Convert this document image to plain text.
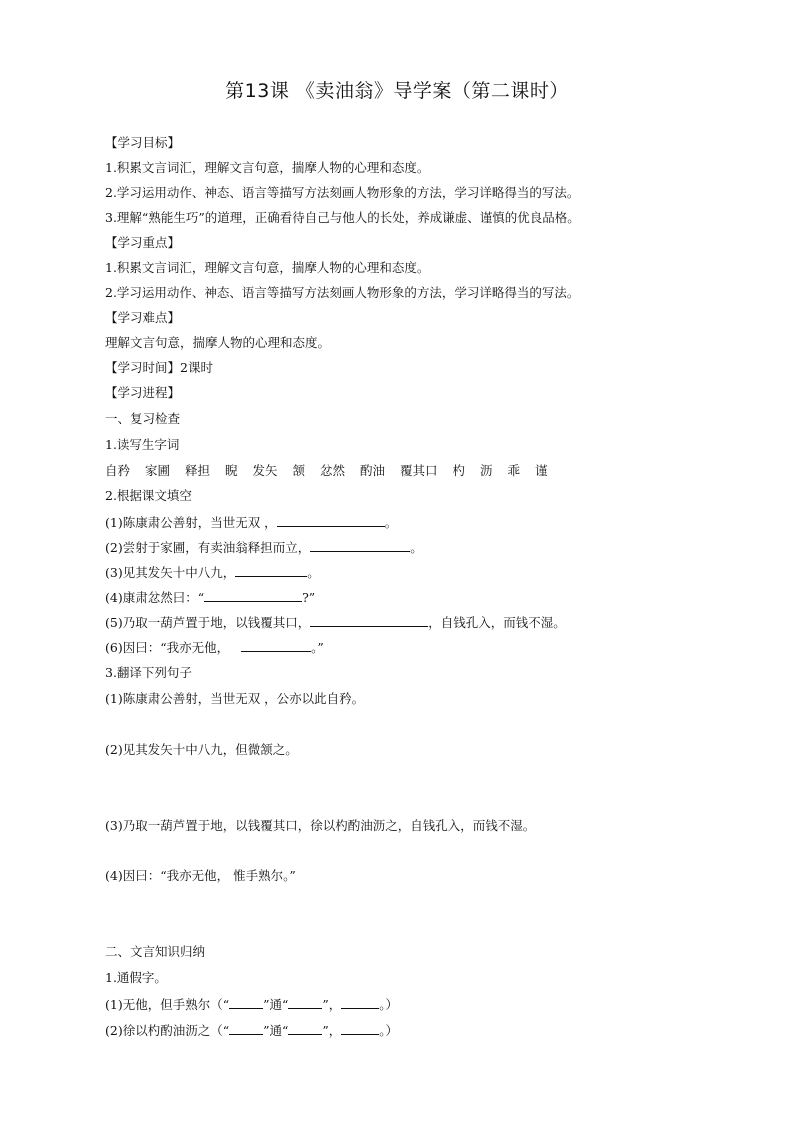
第13课 《卖油翁》导学案（第二课时）
【学习目标】
1.积累文言词汇，理解文言句意，揣摩人物的心理和态度。
2.学习运用动作、神态、语言等描写方法刻画人物形象的方法，学习详略得当的写法。
3.理解“熟能生巧”的道理，正确看待自己与他人的长处，养成谦虚、谨慎的优良品格。
【学习重点】
1.积累文言词汇，理解文言句意，揣摩人物的心理和态度。
2.学习运用动作、神态、语言等描写方法刻画人物形象的方法，学习详略得当的写法。
【学习难点】
理解文言句意，揣摩人物的心理和态度。
【学习时间】2课时
【学习进程】
一、复习检查
1.读写生字词
自矜 家圃 释担 睨 发矢 颔 忿然 酌油 覆其口 杓 沥 乖 谨
2.根据课文填空
(1)陈康肃公善射，当世无双 ，	。
(2)尝射于家圃，有卖油翁释担而立，	。
(3)见其发矢十中八九，	。
(4)康肃忿然曰：“	?”
(5)乃取一葫芦置于地，以钱覆其口，	，自钱孔入，而钱不湿。
(6)因曰：“我亦无他，	。”
3.翻译下列句子
(1)陈康肃公善射，当世无双 ，公亦以此自矜。
(2)见其发矢十中八九，但微颔之。
(3)乃取一葫芦置于地，以钱覆其口，徐以杓酌油沥之，自钱孔入，而钱不湿。
(4)因曰：“我亦无他， 惟手熟尔。”
二、文言知识归纳
1.通假字。
(1)无他，但手熟尔（“	”通“	”，	。）
(2)徐以杓酌油沥之（“	”通“	”，	。）
